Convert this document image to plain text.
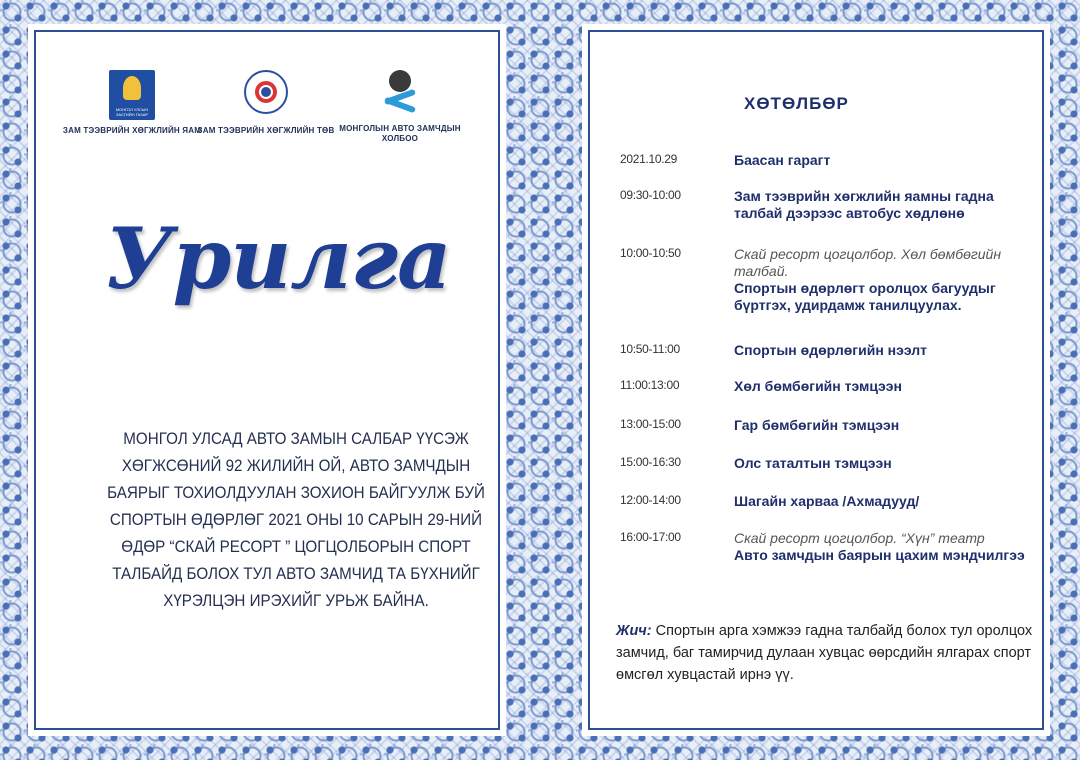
МОНГОЛ УЛСЫН ЗАСГИЙН ГАЗАР
ЗАМ ТЭЭВРИЙН ХӨГЖЛИЙН ЯАМ
ЗАМ ТЭЭВРИЙН ХӨГЖЛИЙН ТӨВ МОНГОЛЫН АВТО ЗАМЧДЫН ХОЛБОО
Урилга
МОНГОЛ УЛСАД АВТО ЗАМЫН САЛБАР ҮҮСЭЖ ХӨГЖСӨНИЙ 92 ЖИЛИЙН ОЙ, АВТО ЗАМЧДЫН БАЯРЫГ ТОХИОЛДУУЛАН ЗОХИОН БАЙГУУЛЖ БУЙ СПОРТЫН ӨДӨРЛӨГ 2021 ОНЫ 10 САРЫН 29-НИЙ ӨДӨР “СКАЙ РЕСОРТ ” ЦОГЦОЛБОРЫН СПОРТ ТАЛБАЙД БОЛОХ ТУЛ АВТО ЗАМЧИД ТА БҮХНИЙГ ХҮРЭЛЦЭН ИРЭХИЙГ УРЬЖ БАЙНА.
ХӨТӨЛБӨР
2021.10.29	Баасан гарагт
09:30-10:00	Зам тээврийн хөгжлийн яамны гадна талбай дээрээс автобус хөдлөнө
10:00-10:50	Скай ресорт цогцолбор. Хөл бөмбөгийн талбай.
Спортын өдөрлөгт оролцох багуудыг бүртгэх, удирдамж танилцуулах.
10:50-11:00	Спортын өдөрлөгийн нээлт
11:00:13:00	Хөл бөмбөгийн тэмцээн
13:00-15:00	Гар бөмбөгийн тэмцээн
15:00-16:30	Олс таталтын тэмцээн
12:00-14:00	Шагайн харваа /Ахмадууд/
16:00-17:00	Скай ресорт цогцолбор. “Хүн” театр
Авто замчдын баярын цахим мэндчилгээ
Жич: Спортын арга хэмжээ гадна талбайд болох тул оролцох замчид, баг тамирчид дулаан хувцас өөрсдийн ялгарах спорт өмсгөл хувцастай ирнэ үү.
